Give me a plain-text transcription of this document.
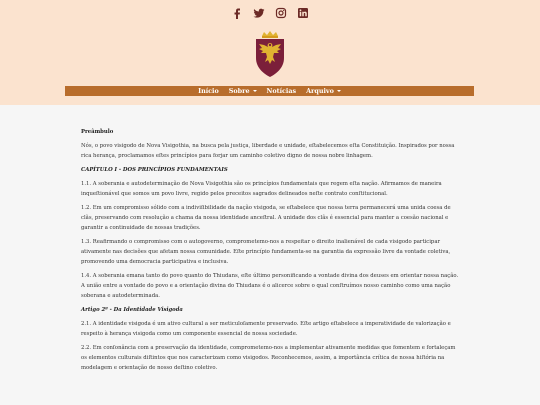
Início Sobre	Notícias Arquivo
Preâmbulo

Nós, o povo visigodo de Nova Visigothia, na busca pela justiça, liberdade e unidade, eſtabelecemos eſta Constituição. Inspirados por nossa rica herança, proclamamos eſtes princípios para forjar um caminho coletivo digno de nossa nobre linhagem.

CAPÍTULO I - DOS PRINCÍPIOS FUNDAMENTAIS

1.1. A soberania e autodeterminação de Nova Visigothia são os princípios fundamentais que regem eſta nação. Afirmamos de maneira inqueſtionável que somos um povo livre, regido pelos preceitos sagrados delineados neſte contrato conſtitucional.

1.2. Em um compromisso sólido com a indiviſibilidade da nação visigoda, se eſtabelece que nossa terra permanecerá uma unida coesa de clãs, preservando com resolução a chama da nossa identidade anceſtral. A unidade dos clãs é essencial para manter a coesão nacional e garantir a continuidade de nossas tradições.

1.3. Reafirmando o compromisso com o autogoverno, comprometemo-nos a respeitar o direito inalienável de cada visigodo participar ativamente nas decisões que afetam nossa comunidade. Eſte princípio fundamenta-se na garantia da expressão livre da vontade coletiva, promovendo uma democracia participativa e inclusiva.

1.4. A soberania emana tanto do povo quanto do Thiudans, eſte último personificando a vontade divina dos deuses em orientar nossa nação. A união entre a vontade do povo e a orientação divina do Thiudans é o alicerce sobre o qual conſtruímos nosso caminho como uma nação soberana e autodeterminada.

Artigo 2º - Da Identidade Visigoda

2.1. A identidade visigoda é um ativo cultural a ser meticuloſamente preservado. Eſte artigo eſtabelece a imperatividade de valorização e respeito à herança visigoda como um componente essencial de nossa sociedade.

2.2. Em conſonância com a preservação da identidade, comprometemo-nos a implementar ativamente medidas que fomentem e fortaleçam os elementos culturais diſtintos que nos caracterizam como visigodos. Reconhecemos, assim, a importância crítica de nossa hiſtória na modelagem e orientação de nosso deſtino coletivo.
